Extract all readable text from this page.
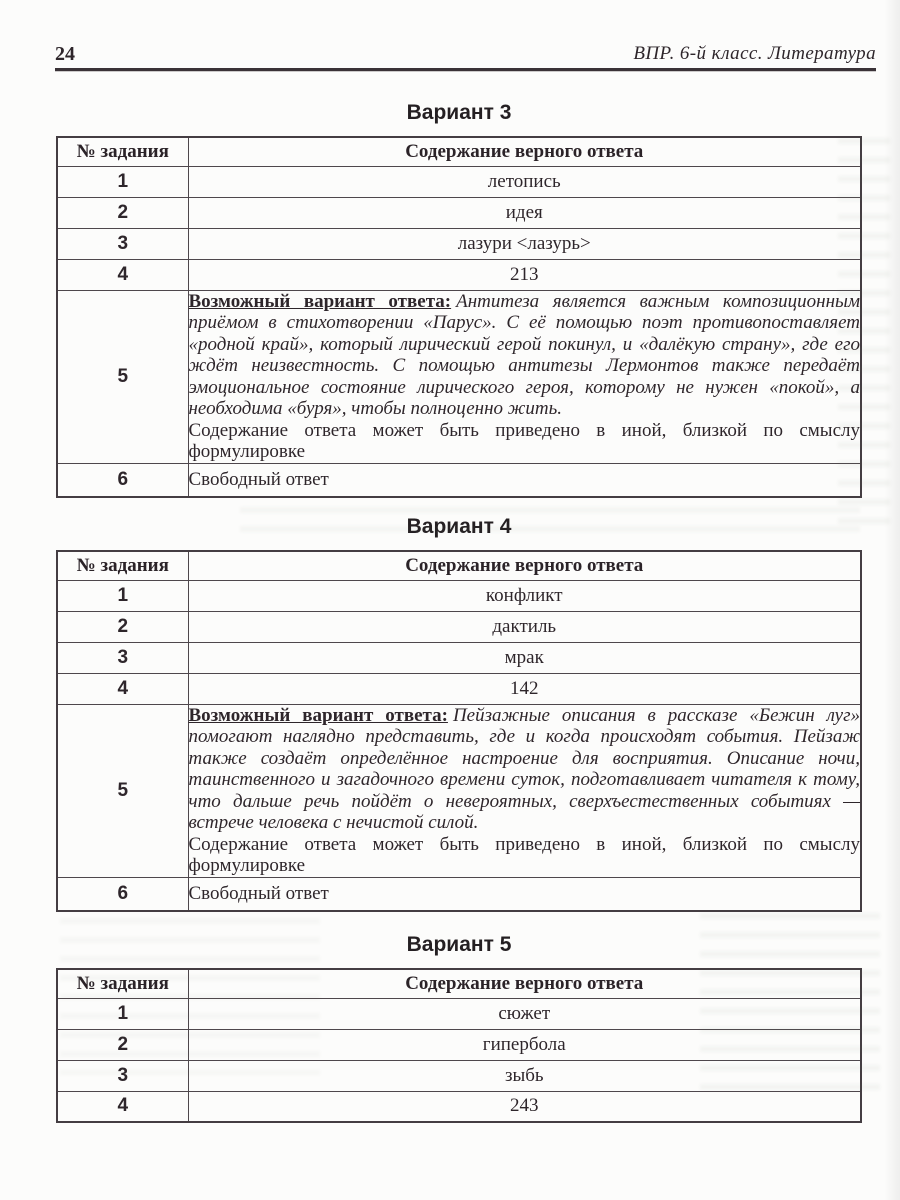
24	ВПР. 6-й класс. Литература
Вариант 3
№ задания	Содержание верного ответа
1	летопись
2	идея
3	лазури <лазурь>
4	213
5	Возможный вариант ответа: Антитеза является важным композиционным приёмом в стихотворении «Парус». С её помощью поэт противопоставляет «родной край», который лирический герой покинул, и «далёкую страну», где его ждёт неизвестность. С помощью антитезы Лермонтов также передаёт эмоциональное состояние лирического героя, которому не нужен «покой», а необходима «буря», чтобы полноценно жить.

Содержание ответа может быть приведено в иной, близкой по смыслу формулировке

6	Свободный ответ
Вариант 4
№ задания	Содержание верного ответа
1	конфликт
2	дактиль
3	мрак
4	142
5	Возможный вариант ответа: Пейзажные описания в рассказе «Бежин луг» помогают наглядно представить, где и когда происходят события. Пейзаж также создаёт определённое настроение для восприятия. Описание ночи, таинственного и загадочного времени суток, подготавливает читателя к тому, что дальше речь пойдёт о невероятных, сверхъестественных событиях — встрече человека с нечистой силой.

Содержание ответа может быть приведено в иной, близкой по смыслу формулировке

6	Свободный ответ
Вариант 5
№ задания	Содержание верного ответа
1	сюжет
2	гипербола
3	зыбь
4	243
